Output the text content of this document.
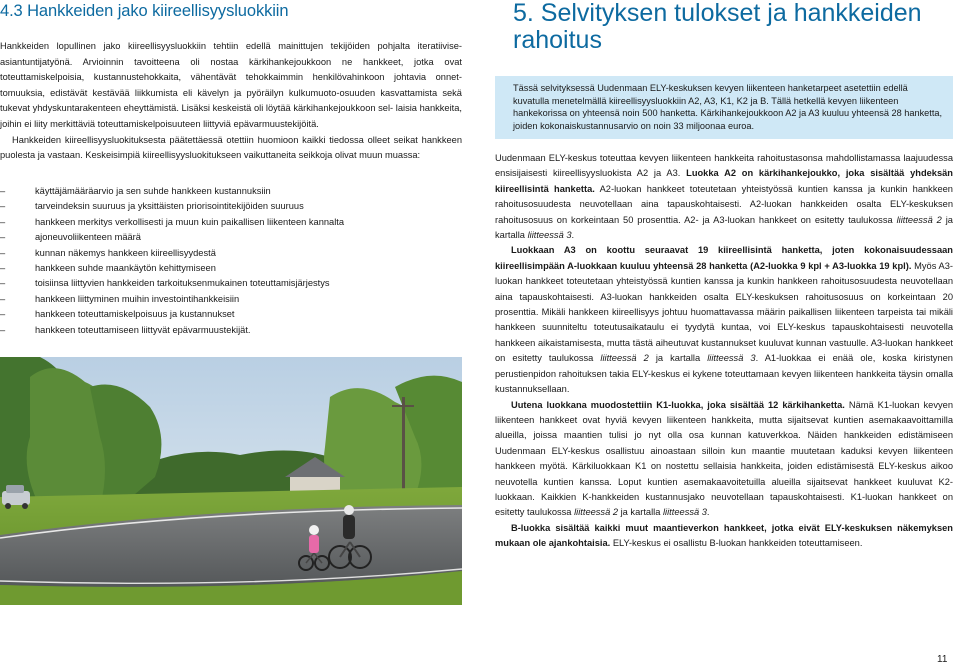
4.3 Hankkeiden jako kiireellisyysluokkiin

Hankkeiden lopullinen jako kiireellisyysluokkiin tehtiin edellä mainittujen tekijöiden pohjalta iteratiivise- asiantuntijatyönä. Arvioinnin tavoitteena oli nostaa kärkihankejoukkoon ne hankkeet, jotka ovat toteuttamiskelpoisia, kustannustehokkaita, vähentävät tehokkaimmin henkilövahinkoon johtavia onnet- tomuuksia, edistävät kestävää liikkumista eli kävelyn ja pyöräilyn kulkumuoto-osuuden kasvattamista sekä tukevat yhdyskuntarakenteen eheyttämistä. Lisäksi keskeistä oli löytää kärkihankejoukkoon sel- laisia hankkeita, joihin ei liity merkittäviä toteuttamiskelpoisuuteen liittyviä epävarmuustekijöitä.

Hankkeiden kiireellisyysluokituksesta päätettäessä otettiin huomioon kaikki tiedossa olleet seikat hankkeen puolesta ja vastaan. Keskeisimpiä kiireellisyysluokitukseen vaikuttaneita seikkoja olivat muun muassa:

– käyttäjämääräarvio ja sen suhde hankkeen kustannuksiin
– tarveindeksin suuruus ja yksittäisten priorisointitekijöiden suuruus
– hankkeen merkitys verkollisesti ja muun kuin paikallisen liikenteen kannalta
– ajoneuvoliikenteen määrä
– kunnan näkemys hankkeen kiireellisyydestä
– hankkeen suhde maankäytön kehittymiseen
– toisiinsa liittyvien hankkeiden tarkoituksenmukainen toteuttamisjärjestys
– hankkeen liittyminen muihin investointihankkeisiin
– hankkeen toteuttamiskelpoisuus ja kustannukset
– hankkeen toteuttamiseen liittyvät epävarmuustekijät.
5. Selvityksen tulokset ja hankkeiden rahoitus
Tässä selvityksessä Uudenmaan ELY-keskuksen kevyen liikenteen hanketarpeet asetettiin edellä kuvatulla menetelmällä kiireellisyysluokkiin A2, A3, K1, K2 ja B. Tällä hetkellä kevyen liikenteen hankekorissa on yhteensä noin 500 hanketta. Kärkihankejoukkoon A2 ja A3 kuuluu yhteensä 28 hanketta, joiden kokonaiskustannusarvio on noin 33 miljoonaa euroa.

Uudenmaan ELY-keskus toteuttaa kevyen liikenteen hankkeita rahoitustasonsa mahdollistamassa laajuudessa ensisijaisesti kiireellisyysluokista A2 ja A3. Luokka A2 on kärkihankejoukko, joka sisältää yhdeksän kiireellisintä hanketta. A2-luokan hankkeet toteutetaan yhteistyössä kuntien kanssa ja kunkin hankkeen rahoitusosuudesta neuvotellaan aina tapauskohtaisesti. A2-luokan hankkeiden osalta ELY-keskuksen rahoitusosuus on korkeintaan 50 prosenttia. A2- ja A3-luokan hankkeet on esitetty taulukossa liitteessä 2 ja kartalla liitteessä 3.

Luokkaan A3 on koottu seuraavat 19 kiireellisintä hanketta, joten kokonaisuudessaan kiireellisimpään A-luokkaan kuuluu yhteensä 28 hanketta (A2-luokka 9 kpl + A3-luokka 19 kpl). Myös A3-luokan hankkeet toteutetaan yhteistyössä kuntien kanssa ja kunkin hankkeen rahoitusosuudesta neuvotellaan aina tapauskohtaisesti. A3-luokan hankkeiden osalta ELY-keskuksen rahoitusosuus on korkeintaan 20 prosenttia. Mikäli hankkeen kiireellisyys johtuu huomattavassa määrin paikallisen liikenteen tarpeista tai mikäli hankkeen suunniteltu toteutusaikataulu ei tyydytä kuntaa, voi ELY-keskus tapauskohtaisesti neuvotella hankkeen aikaistamisesta, mutta tästä aiheutuvat kustannukset kuuluvat kunnan vastuulle. A3-luokan hankkeet on esitetty taulukossa liitteessä 2 ja kartalla liitteessä 3. A1-luokkaa ei enää ole, koska kiristynen perustienpidon rahoituksen takia ELY-keskus ei kykene toteuttamaan kevyen liikenteen hankkeita täysin omalla kustannuksellaan.

Uutena luokkana muodostettiin K1-luokka, joka sisältää 12 kärkihanketta. Nämä K1-luokan kevyen liikenteen hankkeet ovat hyviä kevyen liikenteen hankkeita, mutta sijaitsevat kuntien asemakaavoittamilla alueilla, joissa maantien tulisi jo nyt olla osa kunnan katuverkkoa. Näiden hankkeiden edistämiseen Uudenmaan ELY-keskus osallistuu ainoastaan silloin kun maantie muutetaan kaduksi kevyen liikenteen hankkeen myötä. Kärkiluokkaan K1 on nostettu sellaisia hankkeita, joiden edistämisestä ELY-keskus aikoo neuvotella kuntien kanssa. Loput kuntien asemakaavoitetuilla alueilla sijaitsevat hankkeet kuuluvat K2-luokkaan. Kaikkien K-hankkeiden kustannusjako neuvotellaan tapauskohtaisesti. K1-luokan hankkeet on esitetty taulukossa liitteessä 2 ja kartalla liitteessä 3.

B-luokka sisältää kaikki muut maantieverkon hankkeet, jotka eivät ELY-keskuksen näkemyksen mukaan ole ajankohtaisia. ELY-keskus ei osallistu B-luokan hankkeiden toteuttamiseen.

11
